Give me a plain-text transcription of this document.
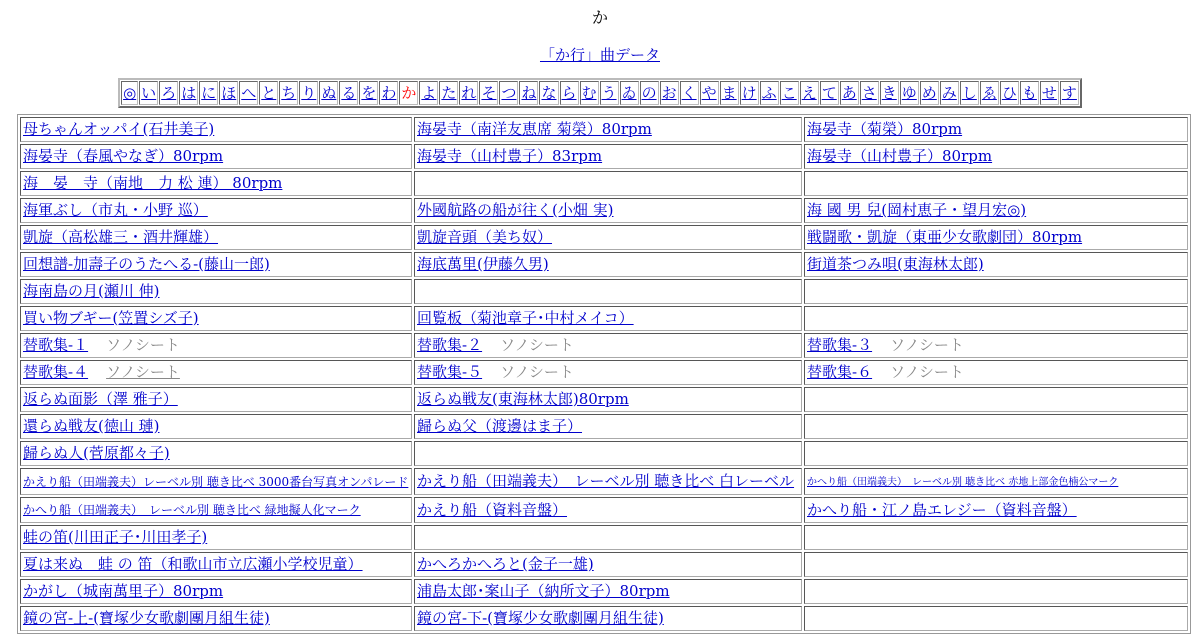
か
「か行」曲データ
◎	い	ろ	は	に	ほ	へ	と	ち	り	ぬ	る	を	わ	か	よ	た	れ	そ	つ	ね	な	ら	む	う	ゐ	の	お	く	や	ま	け	ふ	こ	え	て	あ	さ	き	ゆ	め	み	し	ゑ	ひ	も	せ	す
母ちゃんオッパイ(石井美子)	海晏寺（南洋友恵席 菊榮）80rpm	海晏寺（菊榮）80rpm
海晏寺（春風やなぎ）80rpm	海晏寺（山村豊子）83rpm	海晏寺（山村豊子）80rpm
海　晏　寺（南地　力 松 連） 80rpm		
海軍ぶし（市丸・小野 巡）	外國航路の船が往く(小畑 実)	海 國 男 兒(岡村恵子・望月宏◎)
凱旋（高松雄三・酒井輝雄）	凱旋音頭（美ち奴）	戦闘歌・凱旋（東亜少女歌劇団）80rpm
回想譜-加壽子のうたへる-(藤山一郎)	海底萬里(伊藤久男)	街道茶つみ唄(東海林太郎)
海南島の月(瀬川 伸)		
買い物ブギー(笠置シズ子)	回覧板（菊池章子･中村メイコ）	
替歌集-１ ソノシート	替歌集-２ ソノシート	替歌集-３ ソノシート
替歌集-４ ソノシート	替歌集-５ ソノシート	替歌集-６ ソノシート
返らぬ面影（澤 雅子）	返らぬ戦友(東海林太郎)80rpm	
還らぬ戦友(徳山 璉)	歸らぬ父（渡邊はま子）	
歸らぬ人(菅原都々子)		
かえり船（田端義夫）レーベル別 聴き比べ 3000番台写真オンパレード	かえり船（田端義夫）　レーベル別 聴き比べ 白レーベル	かへり船（田端義夫）　レーベル別 聴き比べ 赤地上部金色楠公マーク
かへり船（田端義夫）　レーベル別 聴き比べ 緑地擬人化マーク	かえり船（資料音盤）	かへり船・江ノ島エレジー（資料音盤）
蛙の笛(川田正子･川田孝子)		
夏は来ぬ　蛙 の 笛（和歌山市立広瀬小学校児童）	かへろかへろと(金子一雄)	
かがし（城南萬里子）80rpm	浦島太郎･案山子（納所文子）80rpm	
鏡の宮-上-(寶塚少女歌劇團月組生徒)	鏡の宮-下-(寶塚少女歌劇團月組生徒)	
